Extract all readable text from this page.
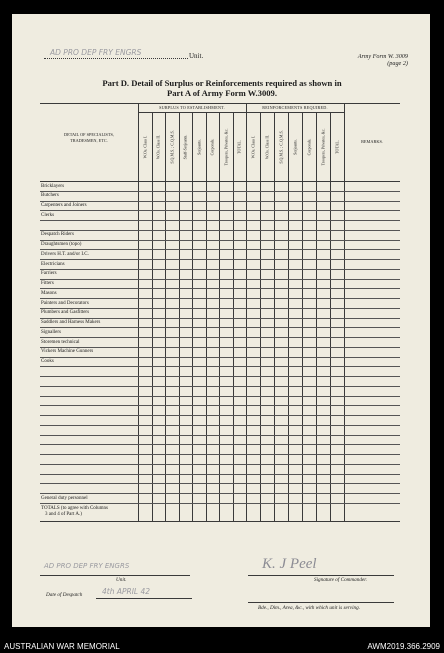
AD PRO DEP FRY ENGRS	Unit.	Army Form W. 3009
(page 2)
Part D. Detail of Surplus or Reinforcements required as shown in
Part A of Army Form W.3009.
AD PRO DEP FRY ENGRS
Unit.
K. J Peel
Signature of Commander.
Date of Despatch	4th APRIL 42
Bde., Dim., Area, &c., with which unit is serving.
AUSTRALIAN WAR MEMORIAL	AWM2019.366.2909
SURPLUS TO ESTABLISHMENT.	REINFORCEMENTS REQUIRED.
DETAIL OF SPECIALISTS, TRADESMEN, ETC.	REMARKS.
W.Os. Class I. W.Os. Class II. S.Q.M.S. ; C.Q.M.S. Staff-Serjeants. Serjeants. Corporals. Troopers, Privates, &c. TOTAL. W.Os. Class I. W.Os. Class II. S.Q.M.S. ; C.Q.M.S. Serjeants. Corporals. Troopers, Privates, &c. TOTAL.
Bricklayers
Butchers
Carpenters and Joiners
Clerks
Despatch Riders
Draughtsmen (topo)
Drivers H.T. and/or I.C.
Electricians
Farriers
Fitters
Masons
Painters and Decorators
Plumbers and Gasfitters
Saddlers and Harness Makers
Signallers
Storemen technical
Vickers Machine Gunners
Cooks
General duty personnel
TOTALS (to agree with Columns
3 and 4 of Part A.)
